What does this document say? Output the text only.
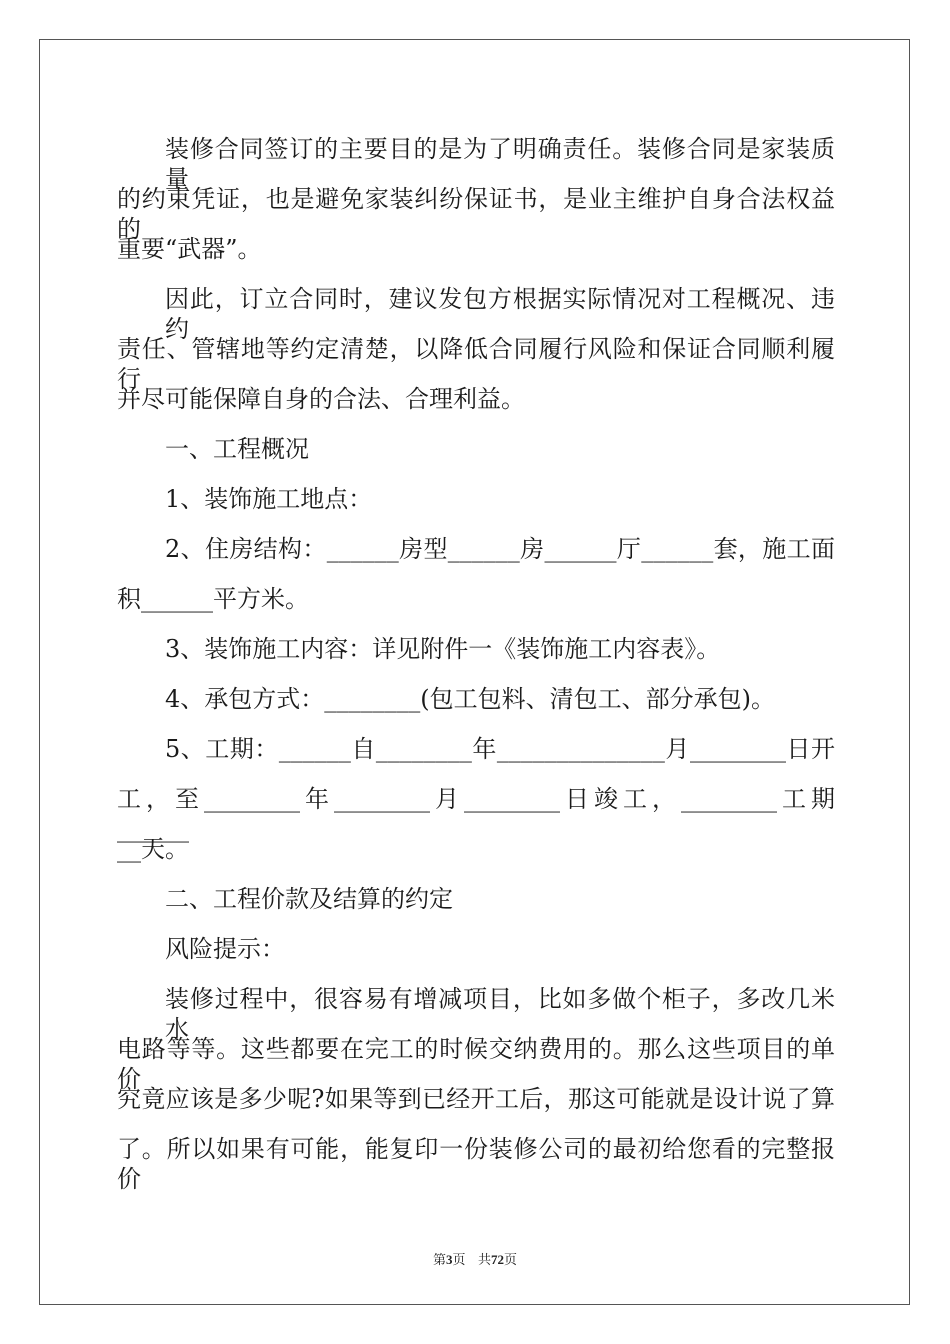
装修合同签订的主要目的是为了明确责任。装修合同是家装质量
的约束凭证，也是避免家装纠纷保证书，是业主维护自身合法权益的
重要“武器”。
因此，订立合同时，建议发包方根据实际情况对工程概况、违约
责任、管辖地等约定清楚，以降低合同履行风险和保证合同顺利履行
并尽可能保障自身的合法、合理利益。
一、工程概况
1、装饰施工地点：
2、住房结构：______房型______房______厅______套，施工面
积______平方米。
3、装饰施工内容：详见附件一《装饰施工内容表》。
4、承包方式：________(包工包料、清包工、部分承包)。
5、工期：______自________年______________月________日开
工，至________年________月________日竣工，________工期______
__天。
二、工程价款及结算的约定
风险提示：
装修过程中，很容易有增减项目，比如多做个柜子，多改几米水
电路等等。这些都要在完工的时候交纳费用的。那么这些项目的单价
究竟应该是多少呢?如果等到已经开工后，那这可能就是设计说了算
了。所以如果有可能，能复印一份装修公司的最初给您看的完整报价
第3页 共72页
